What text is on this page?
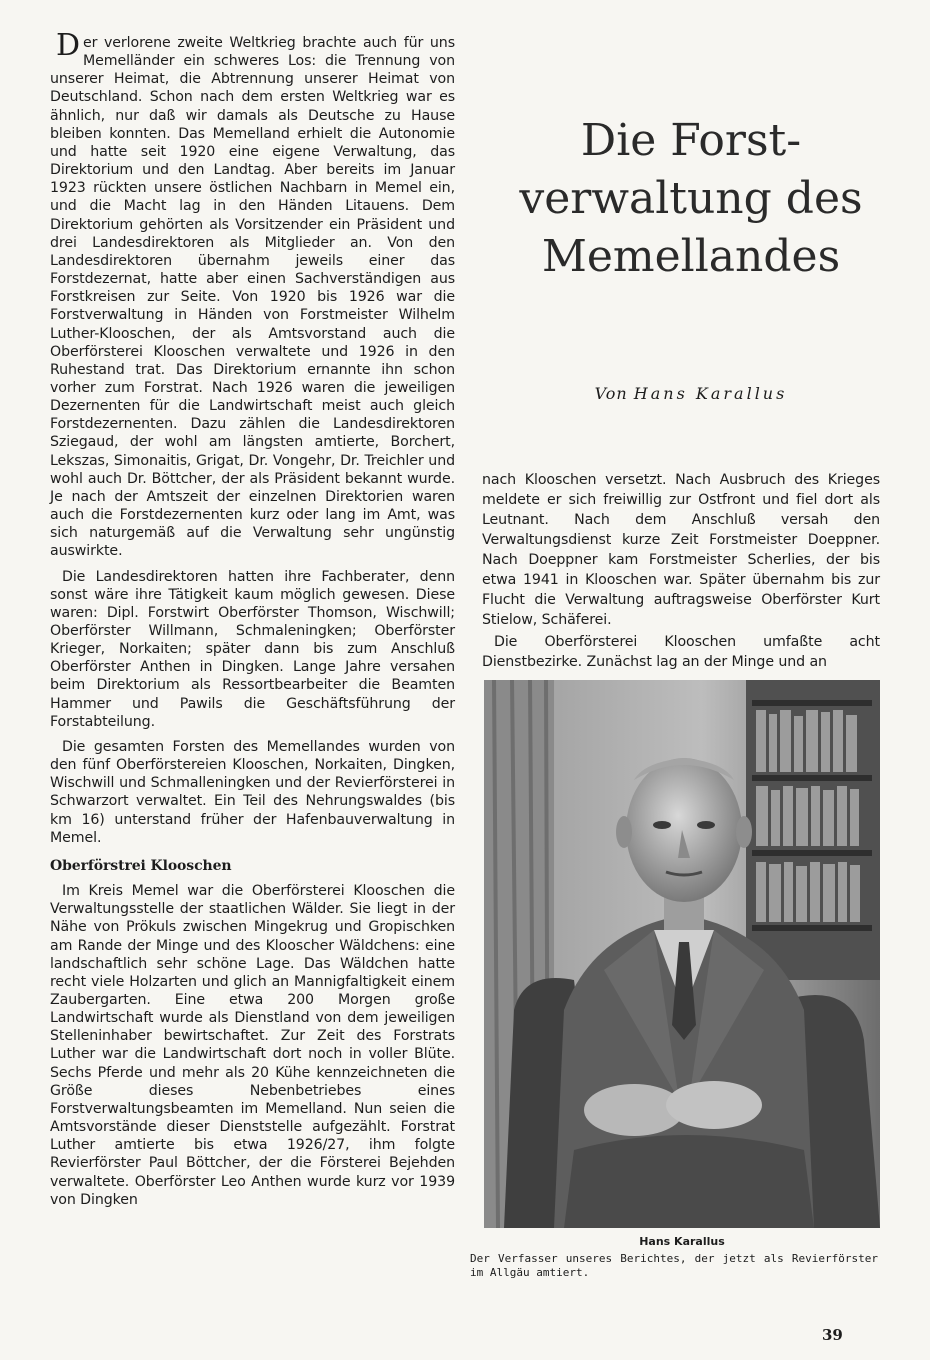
Der verlorene zweite Weltkrieg brachte auch für uns Memelländer ein schweres Los: die Trennung von unserer Heimat, die Abtrennung unserer Heimat von Deutschland. Schon nach dem ersten Weltkrieg war es ähnlich, nur daß wir damals als Deutsche zu Hause bleiben konnten. Das Memelland erhielt die Autonomie und hatte seit 1920 eine eigene Verwaltung, das Direktorium und den Landtag. Aber bereits im Januar 1923 rückten unsere östlichen Nachbarn in Memel ein, und die Macht lag in den Händen Litauens. Dem Direktorium gehörten als Vorsitzender ein Präsident und drei Landesdirektoren als Mitglieder an. Von den Landesdirektoren übernahm jeweils einer das Forstdezernat, hatte aber einen Sachverständigen aus Forstkreisen zur Seite. Von 1920 bis 1926 war die Forstverwaltung in Händen von Forstmeister Wilhelm Luther-Klooschen, der als Amtsvorstand auch die Oberförsterei Klooschen verwaltete und 1926 in den Ruhestand trat. Das Direktorium ernannte ihn schon vorher zum Forstrat. Nach 1926 waren die jeweiligen Dezernenten für die Landwirtschaft meist auch gleich Forstdezernenten. Dazu zählen die Landesdirektoren Sziegaud, der wohl am längsten amtierte, Borchert, Lekszas, Simonaitis, Grigat, Dr. Vongehr, Dr. Treichler und wohl auch Dr. Böttcher, der als Präsident bekannt wurde. Je nach der Amtszeit der einzelnen Direktorien waren auch die Forstdezernenten kurz oder lang im Amt, was sich naturgemäß auf die Verwaltung sehr ungünstig auswirkte.

Die Landesdirektoren hatten ihre Fachberater, denn sonst wäre ihre Tätigkeit kaum möglich gewesen. Diese waren: Dipl. Forstwirt Oberförster Thomson, Wischwill; Oberförster Willmann, Schmaleningken; Oberförster Krieger, Norkaiten; später dann bis zum Anschluß Oberförster Anthen in Dingken. Lange Jahre versahen beim Direktorium als Ressortbearbeiter die Beamten Hammer und Pawils die Geschäftsführung der Forstabteilung.

Die gesamten Forsten des Memellandes wurden von den fünf Oberförstereien Klooschen, Norkaiten, Dingken, Wischwill und Schmalleningken und der Revierförsterei in Schwarzort verwaltet. Ein Teil des Nehrungswaldes (bis km 16) unterstand früher der Hafenbauverwaltung in Memel.

Oberförstrei Klooschen

Im Kreis Memel war die Oberförsterei Klooschen die Verwaltungsstelle der staatlichen Wälder. Sie liegt in der Nähe von Prökuls zwischen Mingekrug und Gropischken am Rande der Minge und des Klooscher Wäldchens: eine landschaftlich sehr schöne Lage. Das Wäldchen hatte recht viele Holzarten und glich an Mannigfaltigkeit einem Zaubergarten. Eine etwa 200 Morgen große Landwirtschaft wurde als Dienstland von dem jeweiligen Stelleninhaber bewirtschaftet. Zur Zeit des Forstrats Luther war die Landwirtschaft dort noch in voller Blüte. Sechs Pferde und mehr als 20 Kühe kennzeichneten die Größe dieses Nebenbetriebes eines Forstverwaltungsbeamten im Memelland. Nun seien die Amtsvorstände dieser Dienststelle aufgezählt. Forstrat Luther amtierte bis etwa 1926/27, ihm folgte Revierförster Paul Böttcher, der die Försterei Bejehden verwaltete. Oberförster Leo Anthen wurde kurz vor 1939 von Dingken

Die Forst-
verwaltung des
Memellandes
Von Hans Karallus

nach Klooschen versetzt. Nach Ausbruch des Krieges meldete er sich freiwillig zur Ostfront und fiel dort als Leutnant. Nach dem Anschluß versah den Verwaltungsdienst kurze Zeit Forstmeister Doeppner. Nach Doeppner kam Forstmeister Scherlies, der bis etwa 1941 in Klooschen war. Später übernahm bis zur Flucht die Verwaltung auftragsweise Oberförster Kurt Stielow, Schäferei.

Die Oberförsterei Klooschen umfaßte acht Dienstbezirke. Zunächst lag an der Minge und an

Hans Karallus
Der Verfasser unseres Berichtes, der jetzt als Revierförster im Allgäu amtiert.
39
